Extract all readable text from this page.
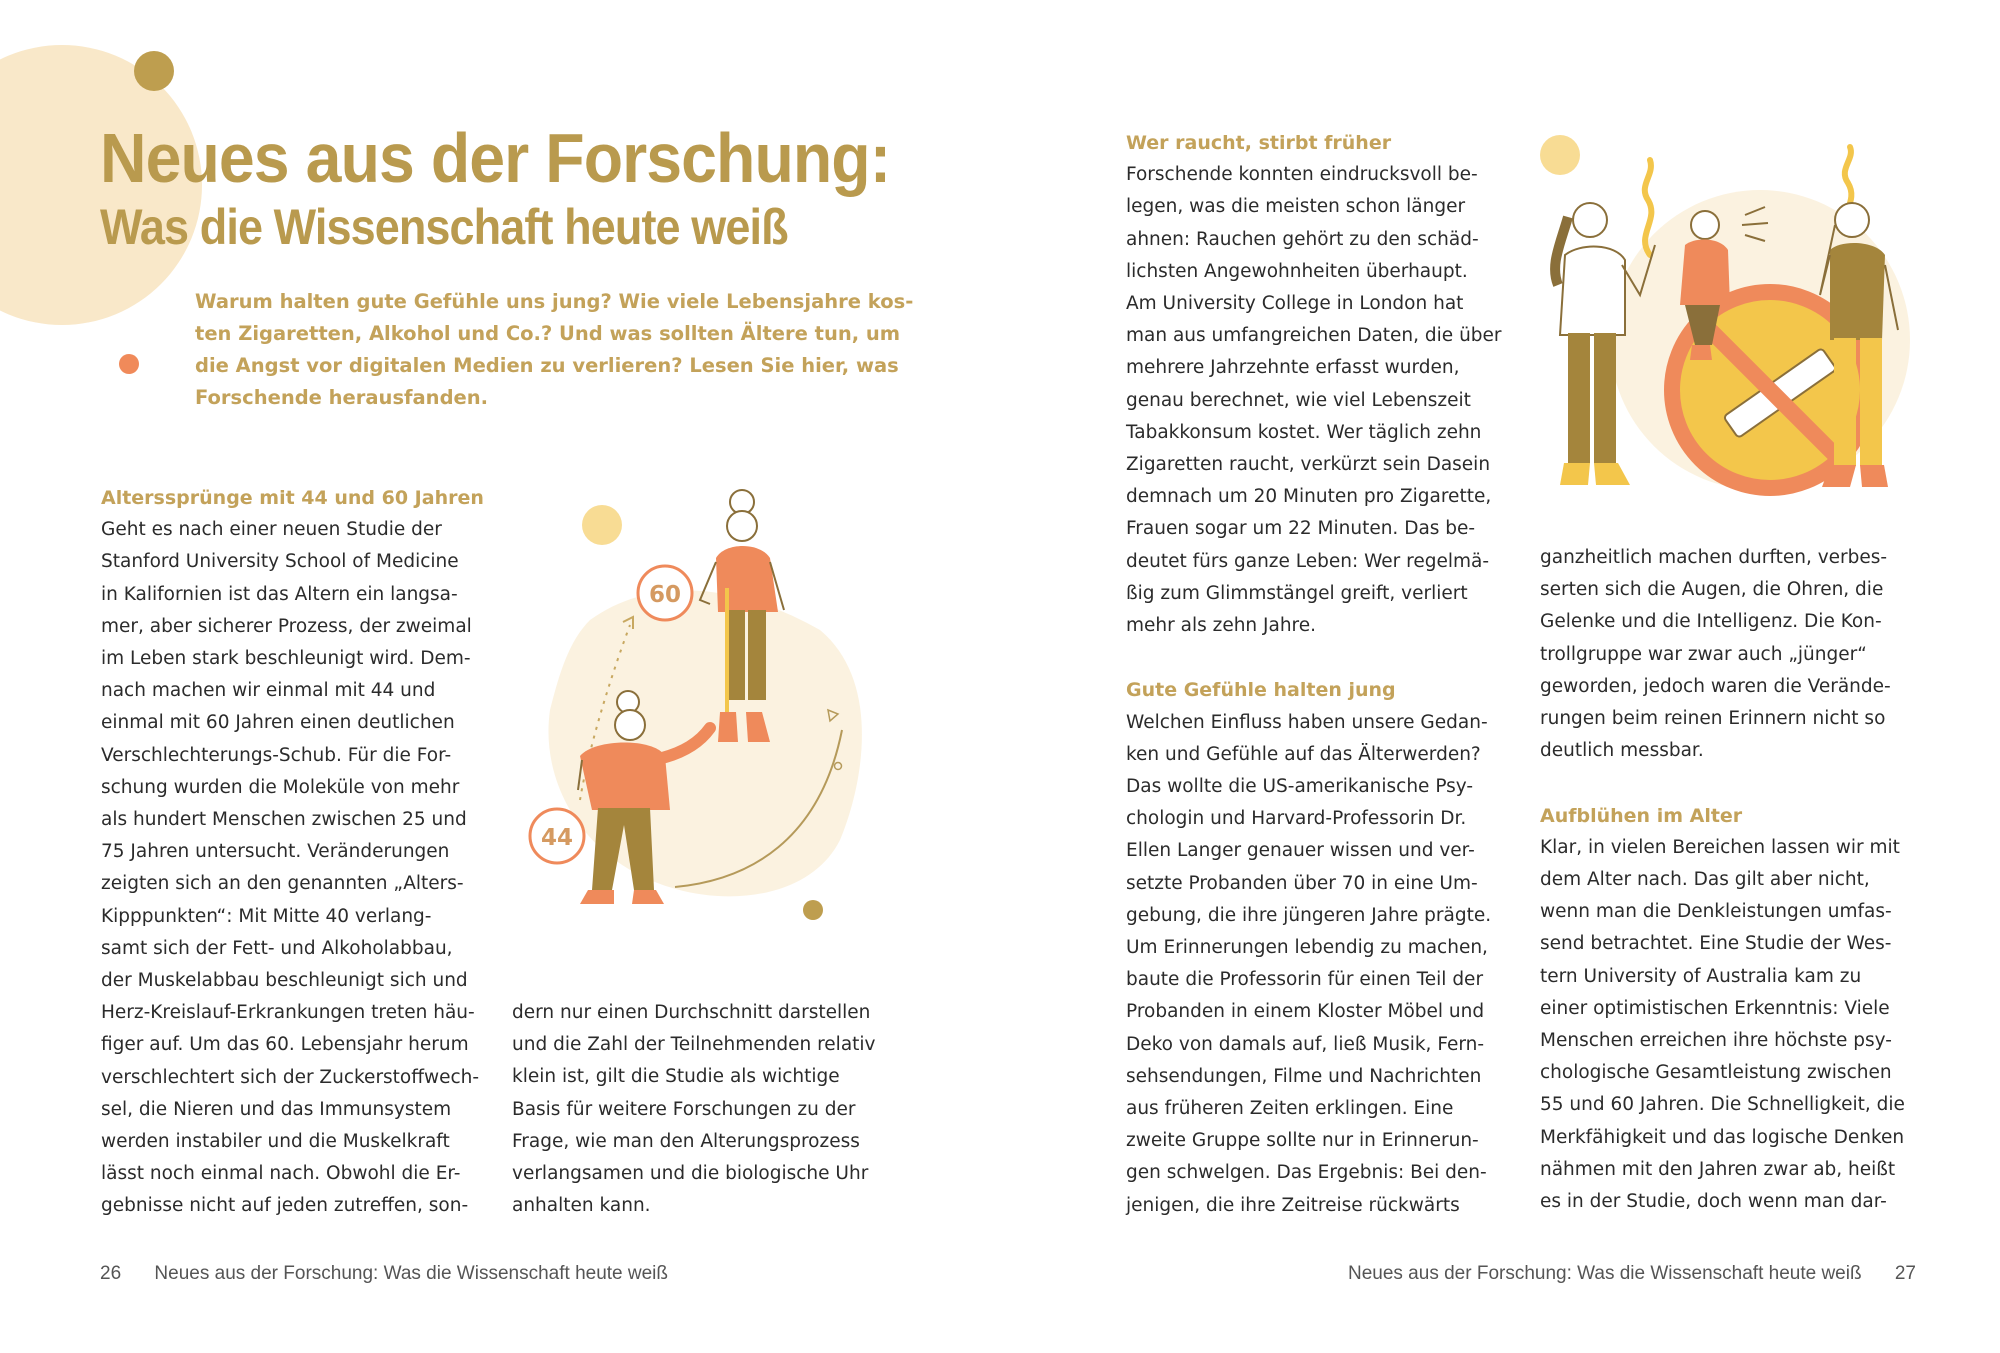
Neues aus der Forschung:
Was die Wissenschaft heute weiß
Warum halten gute Gefühle uns jung? Wie viele Lebensjahre kos-
ten Zigaretten, Alkohol und Co.? Und was sollten Ältere tun, um
die Angst vor digitalen Medien zu verlieren? Lesen Sie hier, was
Forschende herausfanden.
Alterssprünge mit 44 und 60 Jahren

Geht es nach einer neuen Studie der
Stanford University School of Medicine
in Kalifornien ist das Altern ein langsa-
mer, aber sicherer Prozess, der zweimal
im Leben stark beschleunigt wird. Dem-
nach machen wir einmal mit 44 und
einmal mit 60 Jahren einen deutlichen
Verschlechterungs-Schub. Für die For-
schung wurden die Moleküle von mehr
als hundert Menschen zwischen 25 und
75 Jahren untersucht. Veränderungen
zeigten sich an den genannten „Alters-
Kipppunkten“: Mit Mitte 40 verlang-
samt sich der Fett- und Alkoholabbau,
der Muskelabbau beschleunigt sich und
Herz-Kreislauf-Erkrankungen treten häu-
figer auf. Um das 60. Lebensjahr herum
verschlechtert sich der Zuckerstoffwech-
sel, die Nieren und das Immunsystem
werden instabiler und die Muskelkraft
lässt noch einmal nach. Obwohl die Er-
gebnisse nicht auf jeden zutreffen, son-

60
44

dern nur einen Durchschnitt darstellen
und die Zahl der Teilnehmenden relativ
klein ist, gilt die Studie als wichtige
Basis für weitere Forschungen zu der
Frage, wie man den Alterungsprozess
verlangsamen und die biologische Uhr
anhalten kann.

26 Neues aus der Forschung: Was die Wissenschaft heute weiß
Wer raucht, stirbt früher

Forschende konnten eindrucksvoll be-
legen, was die meisten schon länger
ahnen: Rauchen gehört zu den schäd-
lichsten Angewohnheiten überhaupt.
Am University College in London hat
man aus umfangreichen Daten, die über
mehrere Jahrzehnte erfasst wurden,
genau berechnet, wie viel Lebenszeit
Tabakkonsum kostet. Wer täglich zehn
Zigaretten raucht, verkürzt sein Dasein
demnach um 20 Minuten pro Zigarette,
Frauen sogar um 22 Minuten. Das be-
deutet fürs ganze Leben: Wer regelmä-
ßig zum Glimmstängel greift, verliert
mehr als zehn Jahre.

Gute Gefühle halten jung

Welchen Einfluss haben unsere Gedan-
ken und Gefühle auf das Älterwerden?
Das wollte die US-amerikanische Psy-
chologin und Harvard-Professorin Dr.
Ellen Langer genauer wissen und ver-
setzte Probanden über 70 in eine Um-
gebung, die ihre jüngeren Jahre prägte.
Um Erinnerungen lebendig zu machen,
baute die Professorin für einen Teil der
Probanden in einem Kloster Möbel und
Deko von damals auf, ließ Musik, Fern-
sehsendungen, Filme und Nachrichten
aus früheren Zeiten erklingen. Eine
zweite Gruppe sollte nur in Erinnerun-
gen schwelgen. Das Ergebnis: Bei den-
jenigen, die ihre Zeitreise rückwärts

ganzheitlich machen durften, verbes-
serten sich die Augen, die Ohren, die
Gelenke und die Intelligenz. Die Kon-
trollgruppe war zwar auch „jünger“
geworden, jedoch waren die Verände-
rungen beim reinen Erinnern nicht so
deutlich messbar.

Aufblühen im Alter

Klar, in vielen Bereichen lassen wir mit
dem Alter nach. Das gilt aber nicht,
wenn man die Denkleistungen umfas-
send betrachtet. Eine Studie der Wes-
tern University of Australia kam zu
einer optimistischen Erkenntnis: Viele
Menschen erreichen ihre höchste psy-
chologische Gesamtleistung zwischen
55 und 60 Jahren. Die Schnelligkeit, die
Merkfähigkeit und das logische Denken
nähmen mit den Jahren zwar ab, heißt
es in der Studie, doch wenn man dar-

Neues aus der Forschung: Was die Wissenschaft heute weiß 27
